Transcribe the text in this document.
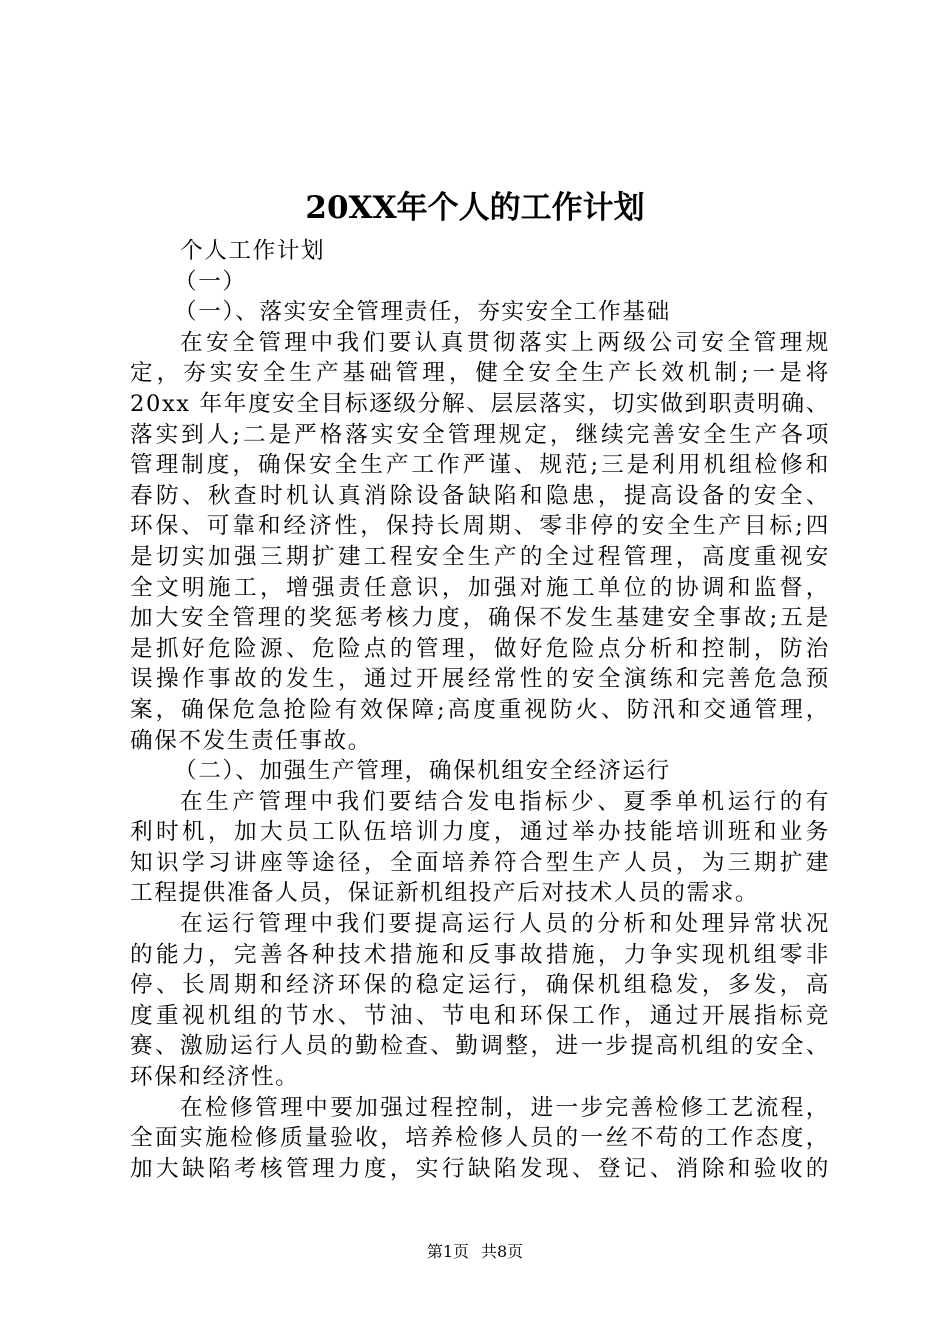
20XX年个人的工作计划
个人工作计划
（一）
（一）、落实安全管理责任，夯实安全工作基础
在安全管理中我们要认真贯彻落实上两级公司安全管理规
定，夯实安全生产基础管理，健全安全生产长效机制;一是将
20xx 年年度安全目标逐级分解、层层落实，切实做到职责明确、
落实到人;二是严格落实安全管理规定，继续完善安全生产各项
管理制度，确保安全生产工作严谨、规范;三是利用机组检修和
春防、秋查时机认真消除设备缺陷和隐患，提高设备的安全、
环保、可靠和经济性，保持长周期、零非停的安全生产目标;四
是切实加强三期扩建工程安全生产的全过程管理，高度重视安
全文明施工，增强责任意识，加强对施工单位的协调和监督，
加大安全管理的奖惩考核力度，确保不发生基建安全事故;五是
是抓好危险源、危险点的管理，做好危险点分析和控制，防治
误操作事故的发生，通过开展经常性的安全演练和完善危急预
案，确保危急抢险有效保障;高度重视防火、防汛和交通管理，
确保不发生责任事故。
（二）、加强生产管理，确保机组安全经济运行
在生产管理中我们要结合发电指标少、夏季单机运行的有
利时机，加大员工队伍培训力度，通过举办技能培训班和业务
知识学习讲座等途径，全面培养符合型生产人员，为三期扩建
工程提供准备人员，保证新机组投产后对技术人员的需求。
在运行管理中我们要提高运行人员的分析和处理异常状况
的能力，完善各种技术措施和反事故措施，力争实现机组零非
停、长周期和经济环保的稳定运行，确保机组稳发，多发，高
度重视机组的节水、节油、节电和环保工作，通过开展指标竞
赛、激励运行人员的勤检查、勤调整，进一步提高机组的安全、
环保和经济性。
在检修管理中要加强过程控制，进一步完善检修工艺流程，
全面实施检修质量验收，培养检修人员的一丝不苟的工作态度，
加大缺陷考核管理力度，实行缺陷发现、登记、消除和验收的
第1页 共8页
